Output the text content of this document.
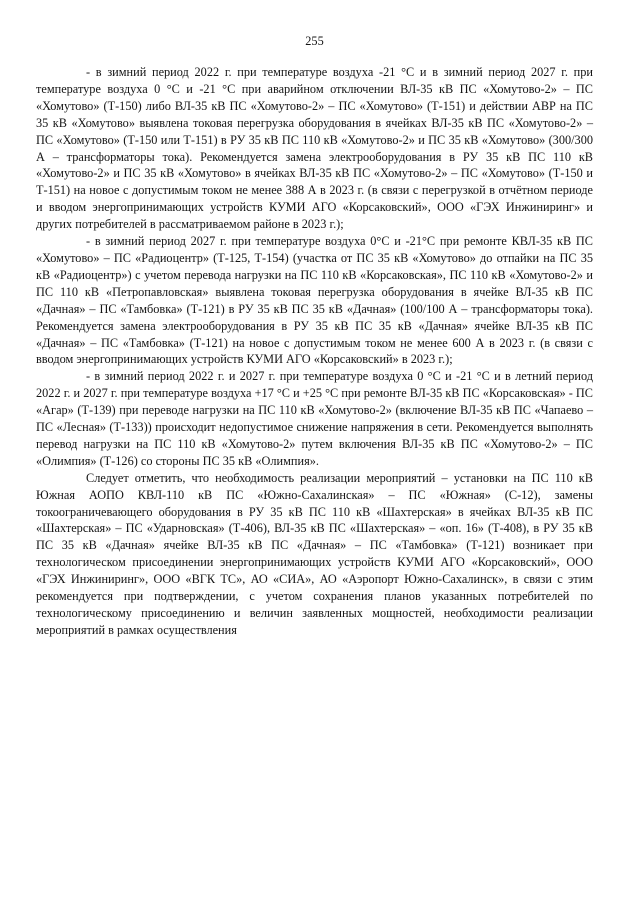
255

- в зимний период 2022 г. при температуре воздуха -21 °С и в зимний период 2027 г. при температуре воздуха 0 °С и -21 °С при аварийном отключении ВЛ-35 кВ ПС «Хомутово-2» – ПС «Хомутово» (Т-150) либо ВЛ-35 кВ ПС «Хомутово-2» – ПС «Хомутово» (Т-151) и действии АВР на ПС 35 кВ «Хомутово» выявлена токовая перегрузка оборудования в ячейках ВЛ-35 кВ ПС «Хомутово-2» – ПС «Хомутово» (Т-150 или Т-151) в РУ 35 кВ ПС 110 кВ «Хомутово-2» и ПС 35 кВ «Хомутово» (300/300 А – трансформаторы тока). Рекомендуется замена электрооборудования в РУ 35 кВ ПС 110 кВ «Хомутово-2» и ПС 35 кВ «Хомутово» в ячейках ВЛ-35 кВ ПС «Хомутово-2» – ПС «Хомутово» (Т-150 и Т-151) на новое с допустимым током не менее 388 А в 2023 г. (в связи с перегрузкой в отчётном периоде и вводом энергопринимающих устройств КУМИ АГО «Корсаковский», ООО «ГЭХ Инжиниринг» и других потребителей в рассматриваемом районе в 2023 г.);

- в зимний период 2027 г. при температуре воздуха 0°С и -21°С при ремонте КВЛ-35 кВ ПС «Хомутово» – ПС «Радиоцентр» (Т-125, Т-154) (участка от ПС 35 кВ «Хомутово» до отпайки на ПС 35 кВ «Радиоцентр») с учетом перевода нагрузки на ПС 110 кВ «Корсаковская», ПС 110 кВ «Хомутово-2» и ПС 110 кВ «Петропавловская» выявлена токовая перегрузка оборудования в ячейке ВЛ-35 кВ ПС «Дачная» – ПС «Тамбовка» (Т-121) в РУ 35 кВ ПС 35 кВ «Дачная» (100/100 А – трансформаторы тока). Рекомендуется замена электрооборудования в РУ 35 кВ ПС 35 кВ «Дачная» ячейке ВЛ-35 кВ ПС «Дачная» – ПС «Тамбовка» (Т-121) на новое с допустимым током не менее 600 А в 2023 г. (в связи с вводом энергопринимающих устройств КУМИ АГО «Корсаковский» в 2023 г.);

- в зимний период 2022 г. и 2027 г. при температуре воздуха 0 °С и -21 °С и в летний период 2022 г. и 2027 г. при температуре воздуха +17 °С и +25 °С при ремонте ВЛ-35 кВ ПС «Корсаковская» - ПС «Агар» (Т-139) при переводе нагрузки на ПС 110 кВ «Хомутово-2» (включение ВЛ-35 кВ ПС «Чапаево – ПС «Лесная» (Т-133)) происходит недопустимое снижение напряжения в сети. Рекомендуется выполнять перевод нагрузки на ПС 110 кВ «Хомутово-2» путем включения ВЛ-35 кВ ПС «Хомутово-2» – ПС «Олимпия» (Т-126) со стороны ПС 35 кВ «Олимпия».

Следует отметить, что необходимость реализации мероприятий – установки на ПС 110 кВ Южная АОПО КВЛ-110 кВ ПС «Южно-Сахалинская» – ПС «Южная» (С-12), замены токоограничевающего оборудования в РУ 35 кВ ПС 110 кВ «Шахтерская» в ячейках ВЛ-35 кВ ПС «Шахтерская» – ПС «Ударновская» (Т-406), ВЛ-35 кВ ПС «Шахтерская» – «оп. 16» (Т-408), в РУ 35 кВ ПС 35 кВ «Дачная» ячейке ВЛ-35 кВ ПС «Дачная» – ПС «Тамбовка» (Т-121) возникает при технологическом присоединении энергопринимающих устройств КУМИ АГО «Корсаковский», ООО «ГЭХ Инжиниринг», ООО «ВГК ТС», АО «СИА», АО «Аэропорт Южно-Сахалинск», в связи с этим рекомендуется при подтверждении, с учетом сохранения планов указанных потребителей по технологическому присоединению и величин заявленных мощностей, необходимости реализации мероприятий в рамках осуществления
